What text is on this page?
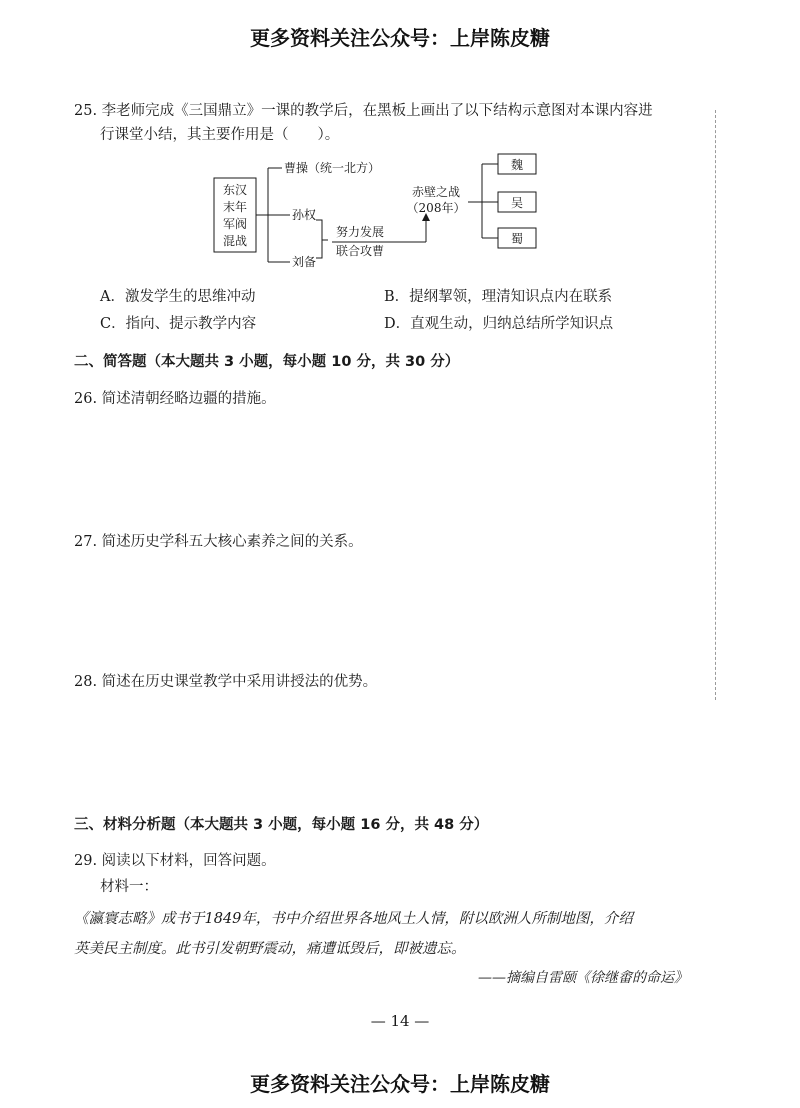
更多资料关注公众号：上岸陈皮糖
25. 李老师完成《三国鼎立》一课的教学后，在黑板上画出了以下结构示意图对本课内容进
行课堂小结，其主要作用是（　　）。
东汉
末年
军阀
混战
曹操（统一北方）
孙权
刘备
努力发展
联合攻曹
赤壁之战
（208年）
魏
吴
蜀
A．激发学生的思维冲动	B．提纲挈领，理清知识点内在联系
C．指向、提示教学内容	D．直观生动，归纳总结所学知识点
二、简答题（本大题共 3 小题，每小题 10 分，共 30 分）
26. 简述清朝经略边疆的措施。
27. 简述历史学科五大核心素养之间的关系。
28. 简述在历史课堂教学中采用讲授法的优势。
三、材料分析题（本大题共 3 小题，每小题 16 分，共 48 分）
29. 阅读以下材料，回答问题。
材料一：
《瀛寰志略》成书于1849年，书中介绍世界各地风土人情，附以欧洲人所制地图，介绍
英美民主制度。此书引发朝野震动，痛遭诋毁后，即被遗忘。
——摘编自雷颐《徐继畬的命运》
— 14 —
更多资料关注公众号：上岸陈皮糖
